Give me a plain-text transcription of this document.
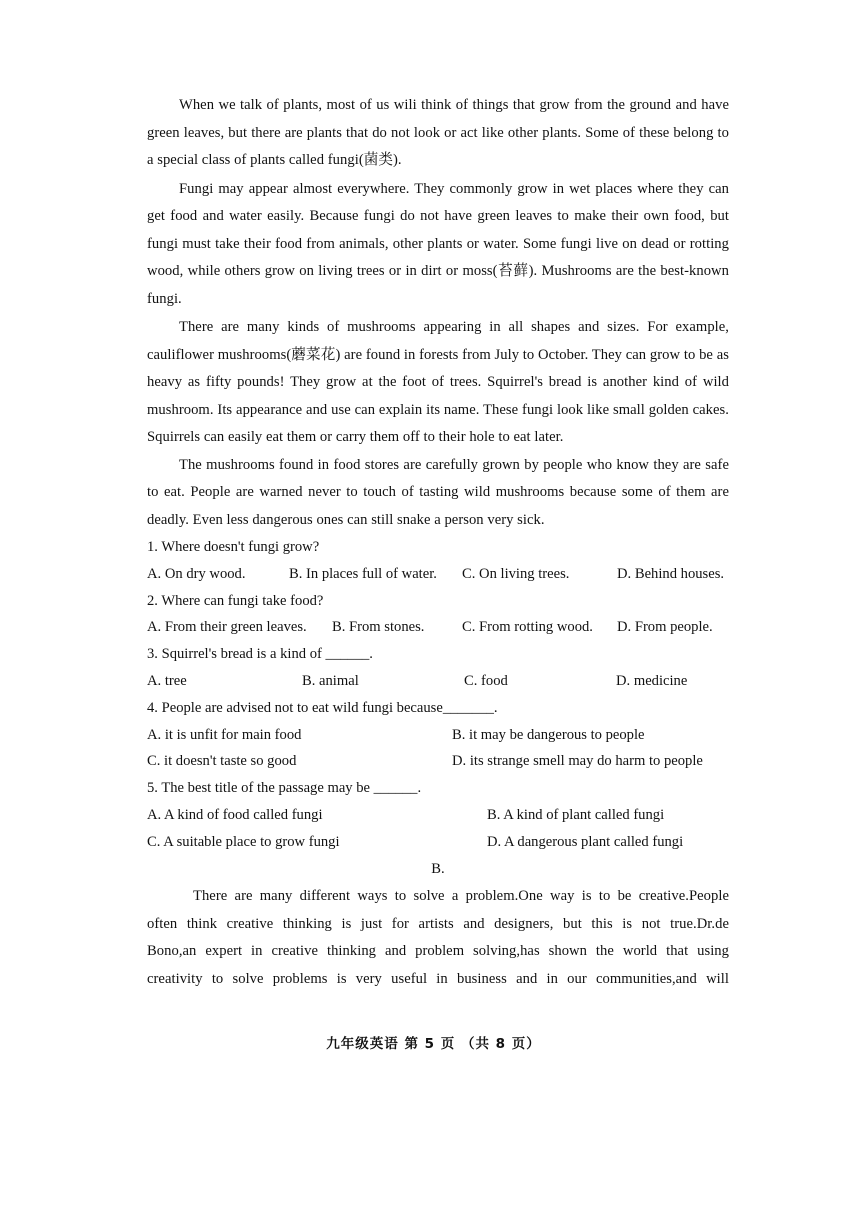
When we talk of plants, most of us wili think of things that grow from the ground and have green leaves, but there are plants that do not look or act like other plants. Some of these belong to a special class of plants called fungi(菌类).

Fungi may appear almost everywhere. They commonly grow in wet places where they can get food and water easily. Because fungi do not have green leaves to make their own food, but fungi must take their food from animals, other plants or water. Some fungi live on dead or rotting wood, while others grow on living trees or in dirt or moss(苔藓). Mushrooms are the best-known fungi.

There are many kinds of mushrooms appearing in all shapes and sizes. For example, cauliflower mushrooms(蘑菜花) are found in forests from July to October. They can grow to be as heavy as fifty pounds! They grow at the foot of trees. Squirrel's bread is another kind of wild mushroom. Its appearance and use can explain its name. These fungi look like small golden cakes. Squirrels can easily eat them or carry them off to their hole to eat later.

The mushrooms found in food stores are carefully grown by people who know they are safe to eat. People are warned never to touch of tasting wild mushrooms because some of them are deadly. Even less dangerous ones can still snake a person very sick.

1. Where doesn't fungi grow?

A. On dry wood.	B. In places full of water.	C. On living trees.	D. Behind houses.

2. Where can fungi take food?

A. From their green leaves.	B. From stones.	C. From rotting wood.	D. From people.

3. Squirrel's bread is a kind of ______.

A. tree	B. animal	C. food	D. medicine

4. People are advised not to eat wild fungi because_______.

A. it is unfit for main food	B. it may be dangerous to people
C. it doesn't taste so good	D. its strange smell may do harm to people

5. The best title of the passage may be ______.

A. A kind of food called fungi	B. A kind of plant called fungi
C. A suitable place to grow fungi	D. A dangerous plant called fungi

B.

There are many different ways to solve a problem.One way is to be creative.People

often think creative thinking is just for artists and designers, but this is not true.Dr.de

Bono,an expert in creative thinking and problem solving,has shown the world that using

creativity to solve problems is very useful in business and in our communities,and will

九年级英语 第 5 页 （共 8 页）
